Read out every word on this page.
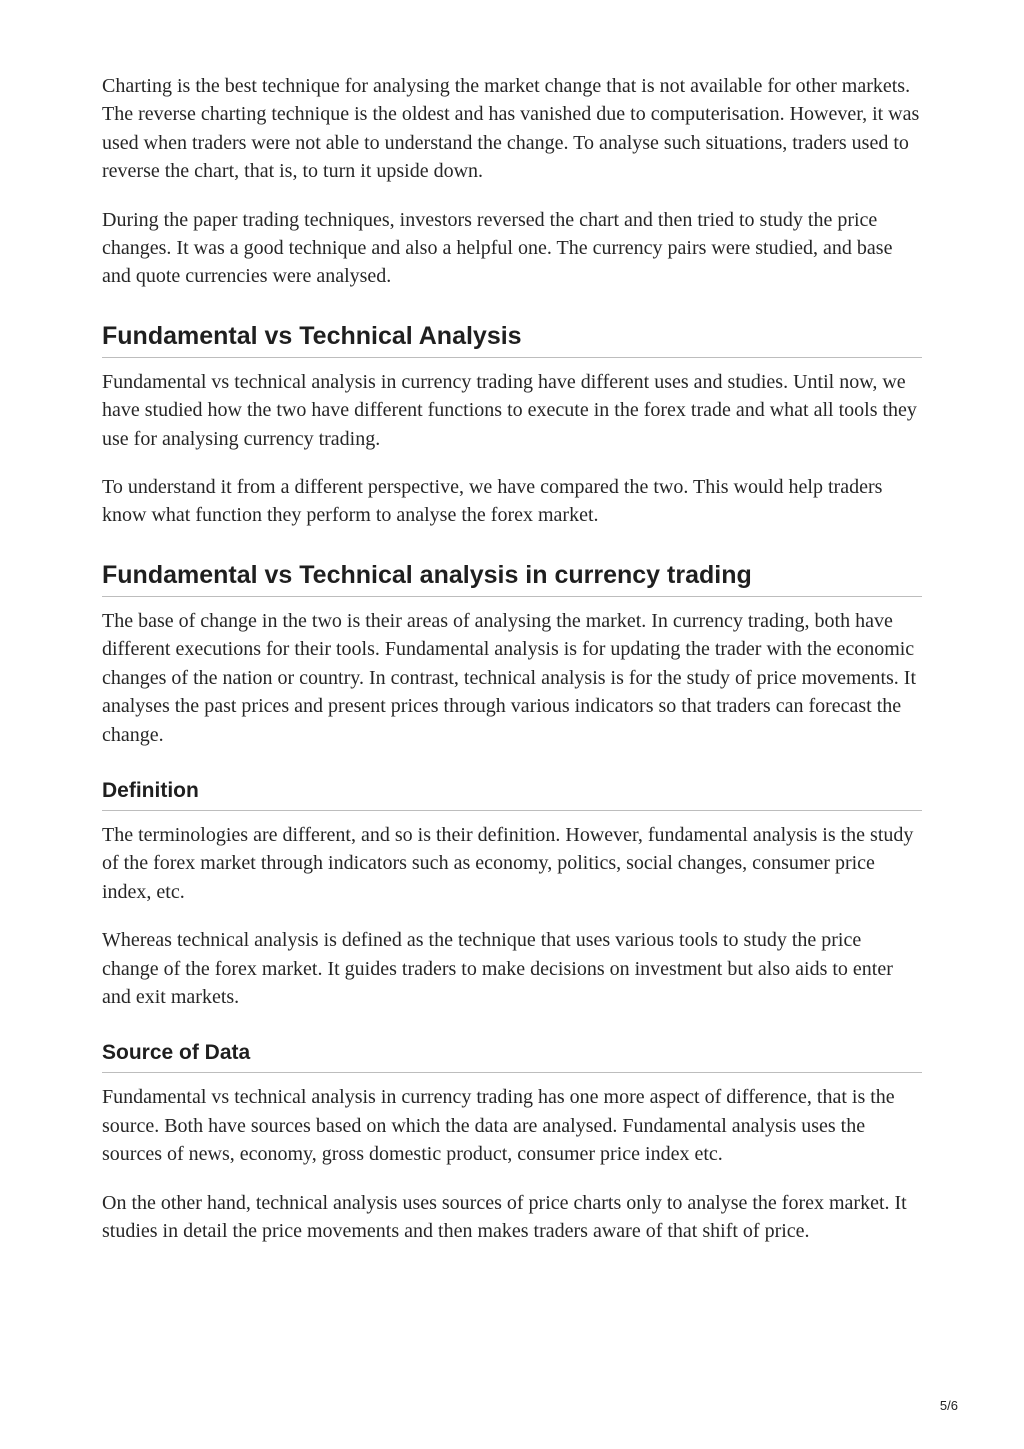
Charting is the best technique for analysing the market change that is not available for other markets. The reverse charting technique is the oldest and has vanished due to computerisation. However, it was used when traders were not able to understand the change. To analyse such situations, traders used to reverse the chart, that is, to turn it upside down.

During the paper trading techniques, investors reversed the chart and then tried to study the price changes. It was a good technique and also a helpful one. The currency pairs were studied, and base and quote currencies were analysed.

Fundamental vs Technical Analysis

Fundamental vs technical analysis in currency trading have different uses and studies. Until now, we have studied how the two have different functions to execute in the forex trade and what all tools they use for analysing currency trading.

To understand it from a different perspective, we have compared the two. This would help traders know what function they perform to analyse the forex market.

Fundamental vs Technical analysis in currency trading

The base of change in the two is their areas of analysing the market. In currency trading, both have different executions for their tools. Fundamental analysis is for updating the trader with the economic changes of the nation or country. In contrast, technical analysis is for the study of price movements. It analyses the past prices and present prices through various indicators so that traders can forecast the change.

Definition

The terminologies are different, and so is their definition. However, fundamental analysis is the study of the forex market through indicators such as economy, politics, social changes, consumer price index, etc.

Whereas technical analysis is defined as the technique that uses various tools to study the price change of the forex market. It guides traders to make decisions on investment but also aids to enter and exit markets.

Source of Data

Fundamental vs technical analysis in currency trading has one more aspect of difference, that is the source. Both have sources based on which the data are analysed. Fundamental analysis uses the sources of news, economy, gross domestic product, consumer price index etc.

On the other hand, technical analysis uses sources of price charts only to analyse the forex market. It studies in detail the price movements and then makes traders aware of that shift of price.

5/6
